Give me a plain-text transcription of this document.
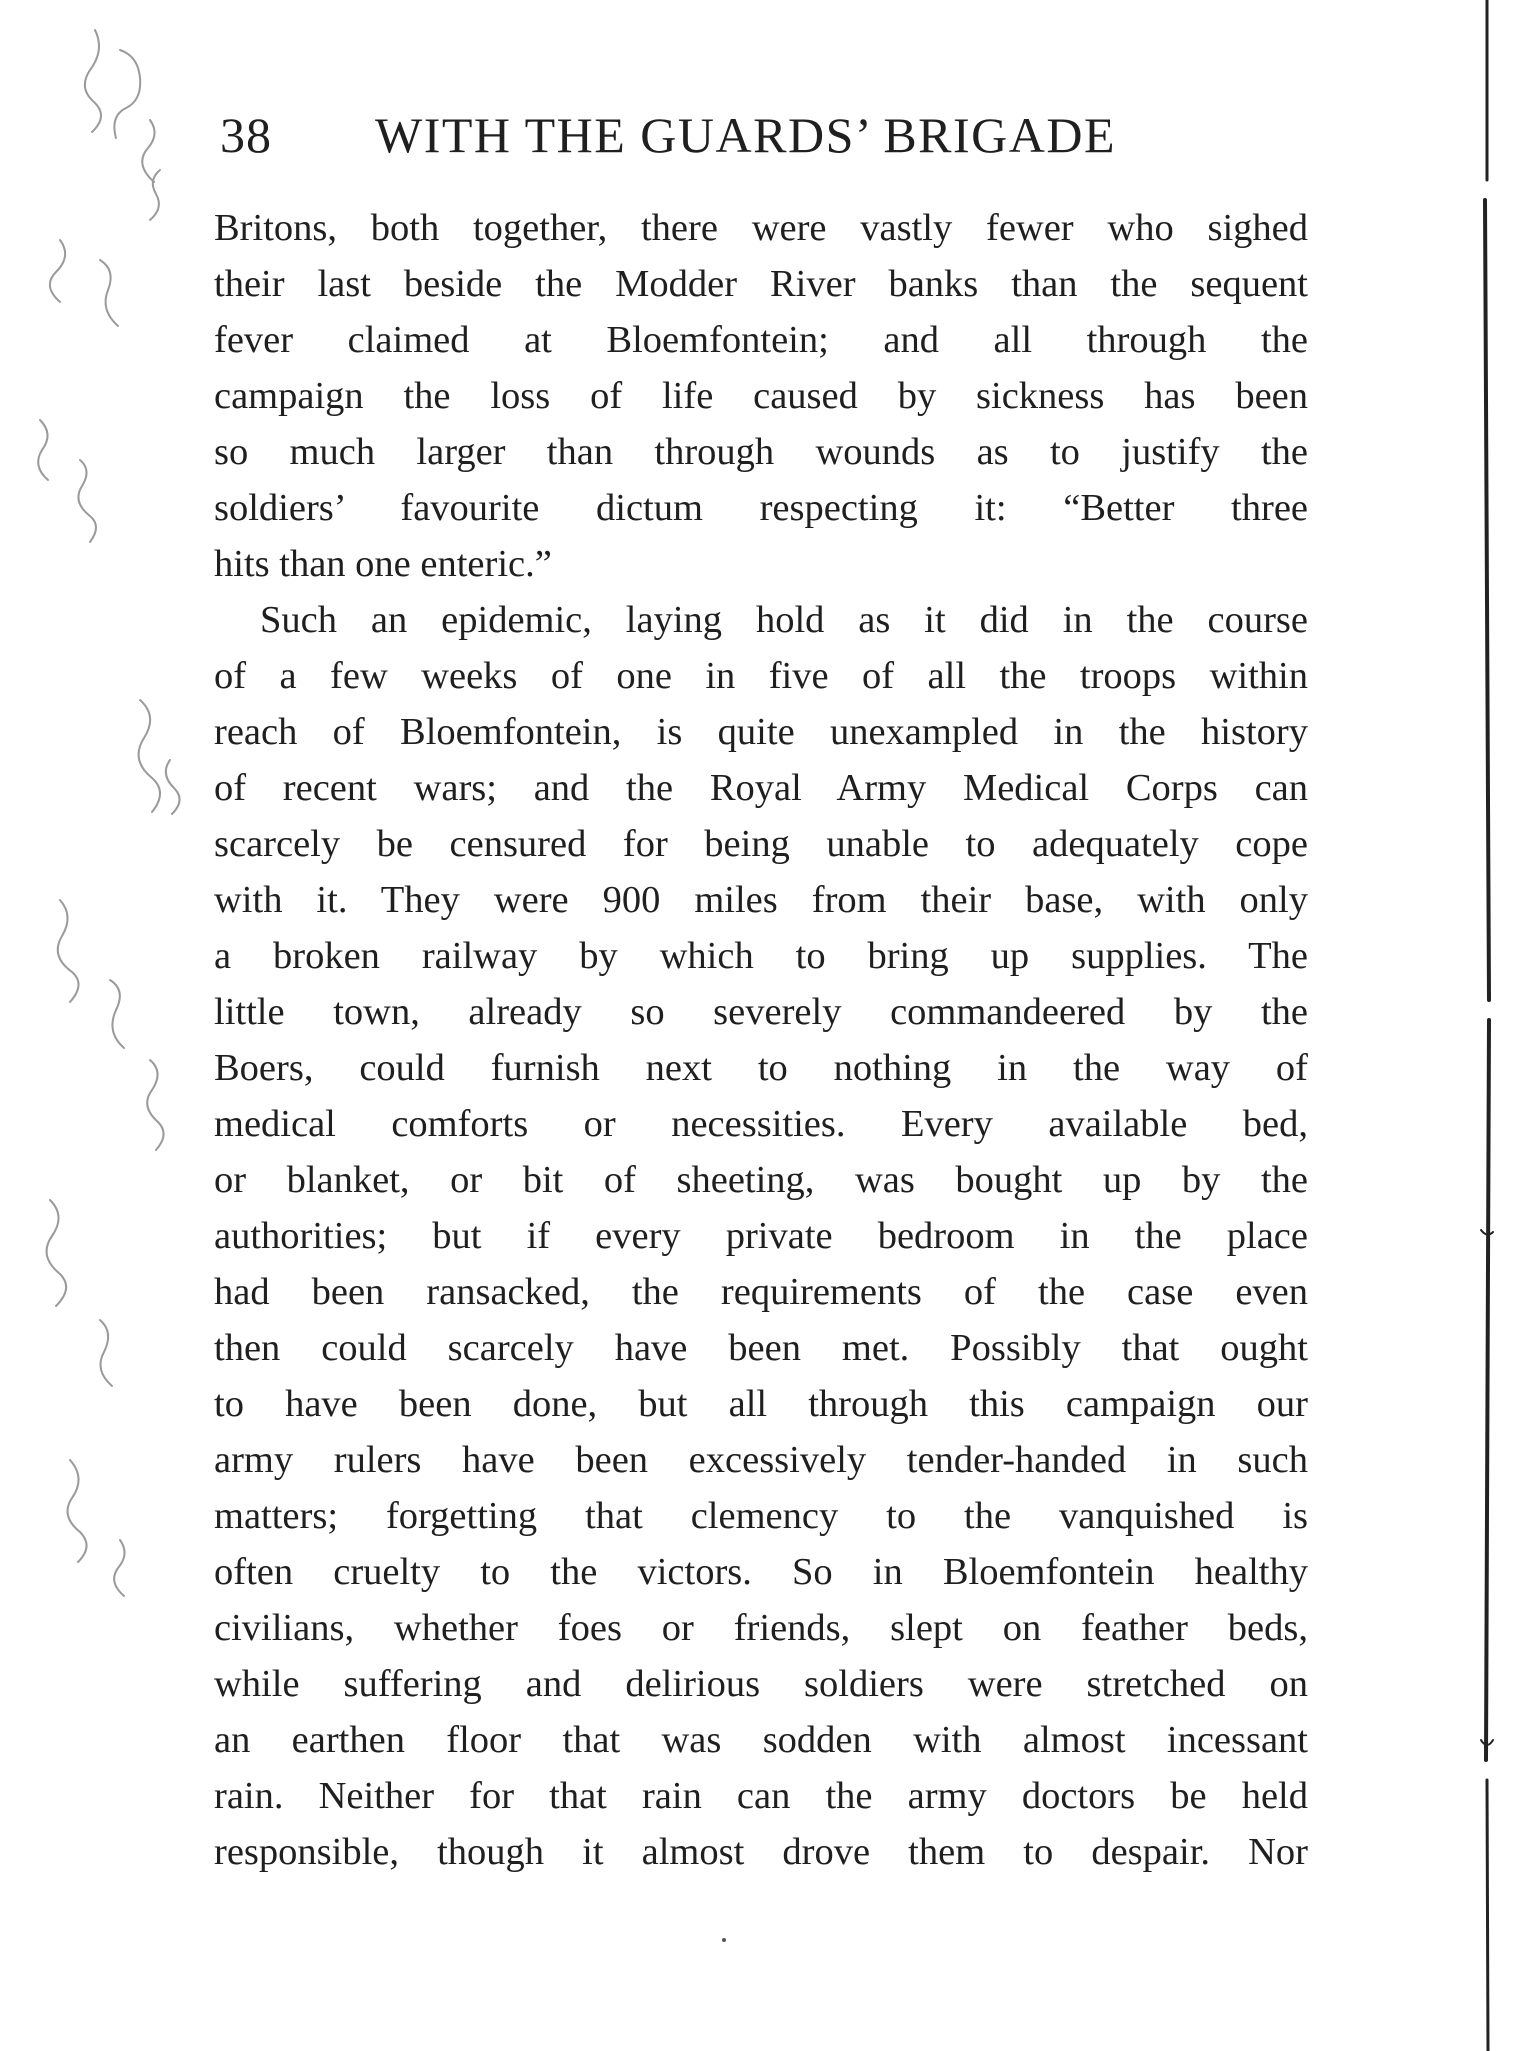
38 WITH THE GUARDS’ BRIGADE
Britons, both together, there were vastly fewer who sighed
their last beside the Modder River banks than the sequent
fever claimed at Bloemfontein; and all through the
campaign the loss of life caused by sickness has been
so much larger than through wounds as to justify the
soldiers’ favourite dictum respecting it: “Better three
hits than one enteric.”
Such an epidemic, laying hold as it did in the course
of a few weeks of one in five of all the troops within
reach of Bloemfontein, is quite unexampled in the history
of recent wars; and the Royal Army Medical Corps can
scarcely be censured for being unable to adequately cope
with it. They were 900 miles from their base, with only
a broken railway by which to bring up supplies. The
little town, already so severely commandeered by the
Boers, could furnish next to nothing in the way of
medical comforts or necessities. Every available bed,
or blanket, or bit of sheeting, was bought up by the
authorities; but if every private bedroom in the place
had been ransacked, the requirements of the case even
then could scarcely have been met. Possibly that ought
to have been done, but all through this campaign our
army rulers have been excessively tender-handed in such
matters; forgetting that clemency to the vanquished is
often cruelty to the victors. So in Bloemfontein healthy
civilians, whether foes or friends, slept on feather beds,
while suffering and delirious soldiers were stretched on
an earthen floor that was sodden with almost incessant
rain. Neither for that rain can the army doctors be held
responsible, though it almost drove them to despair. Nor
